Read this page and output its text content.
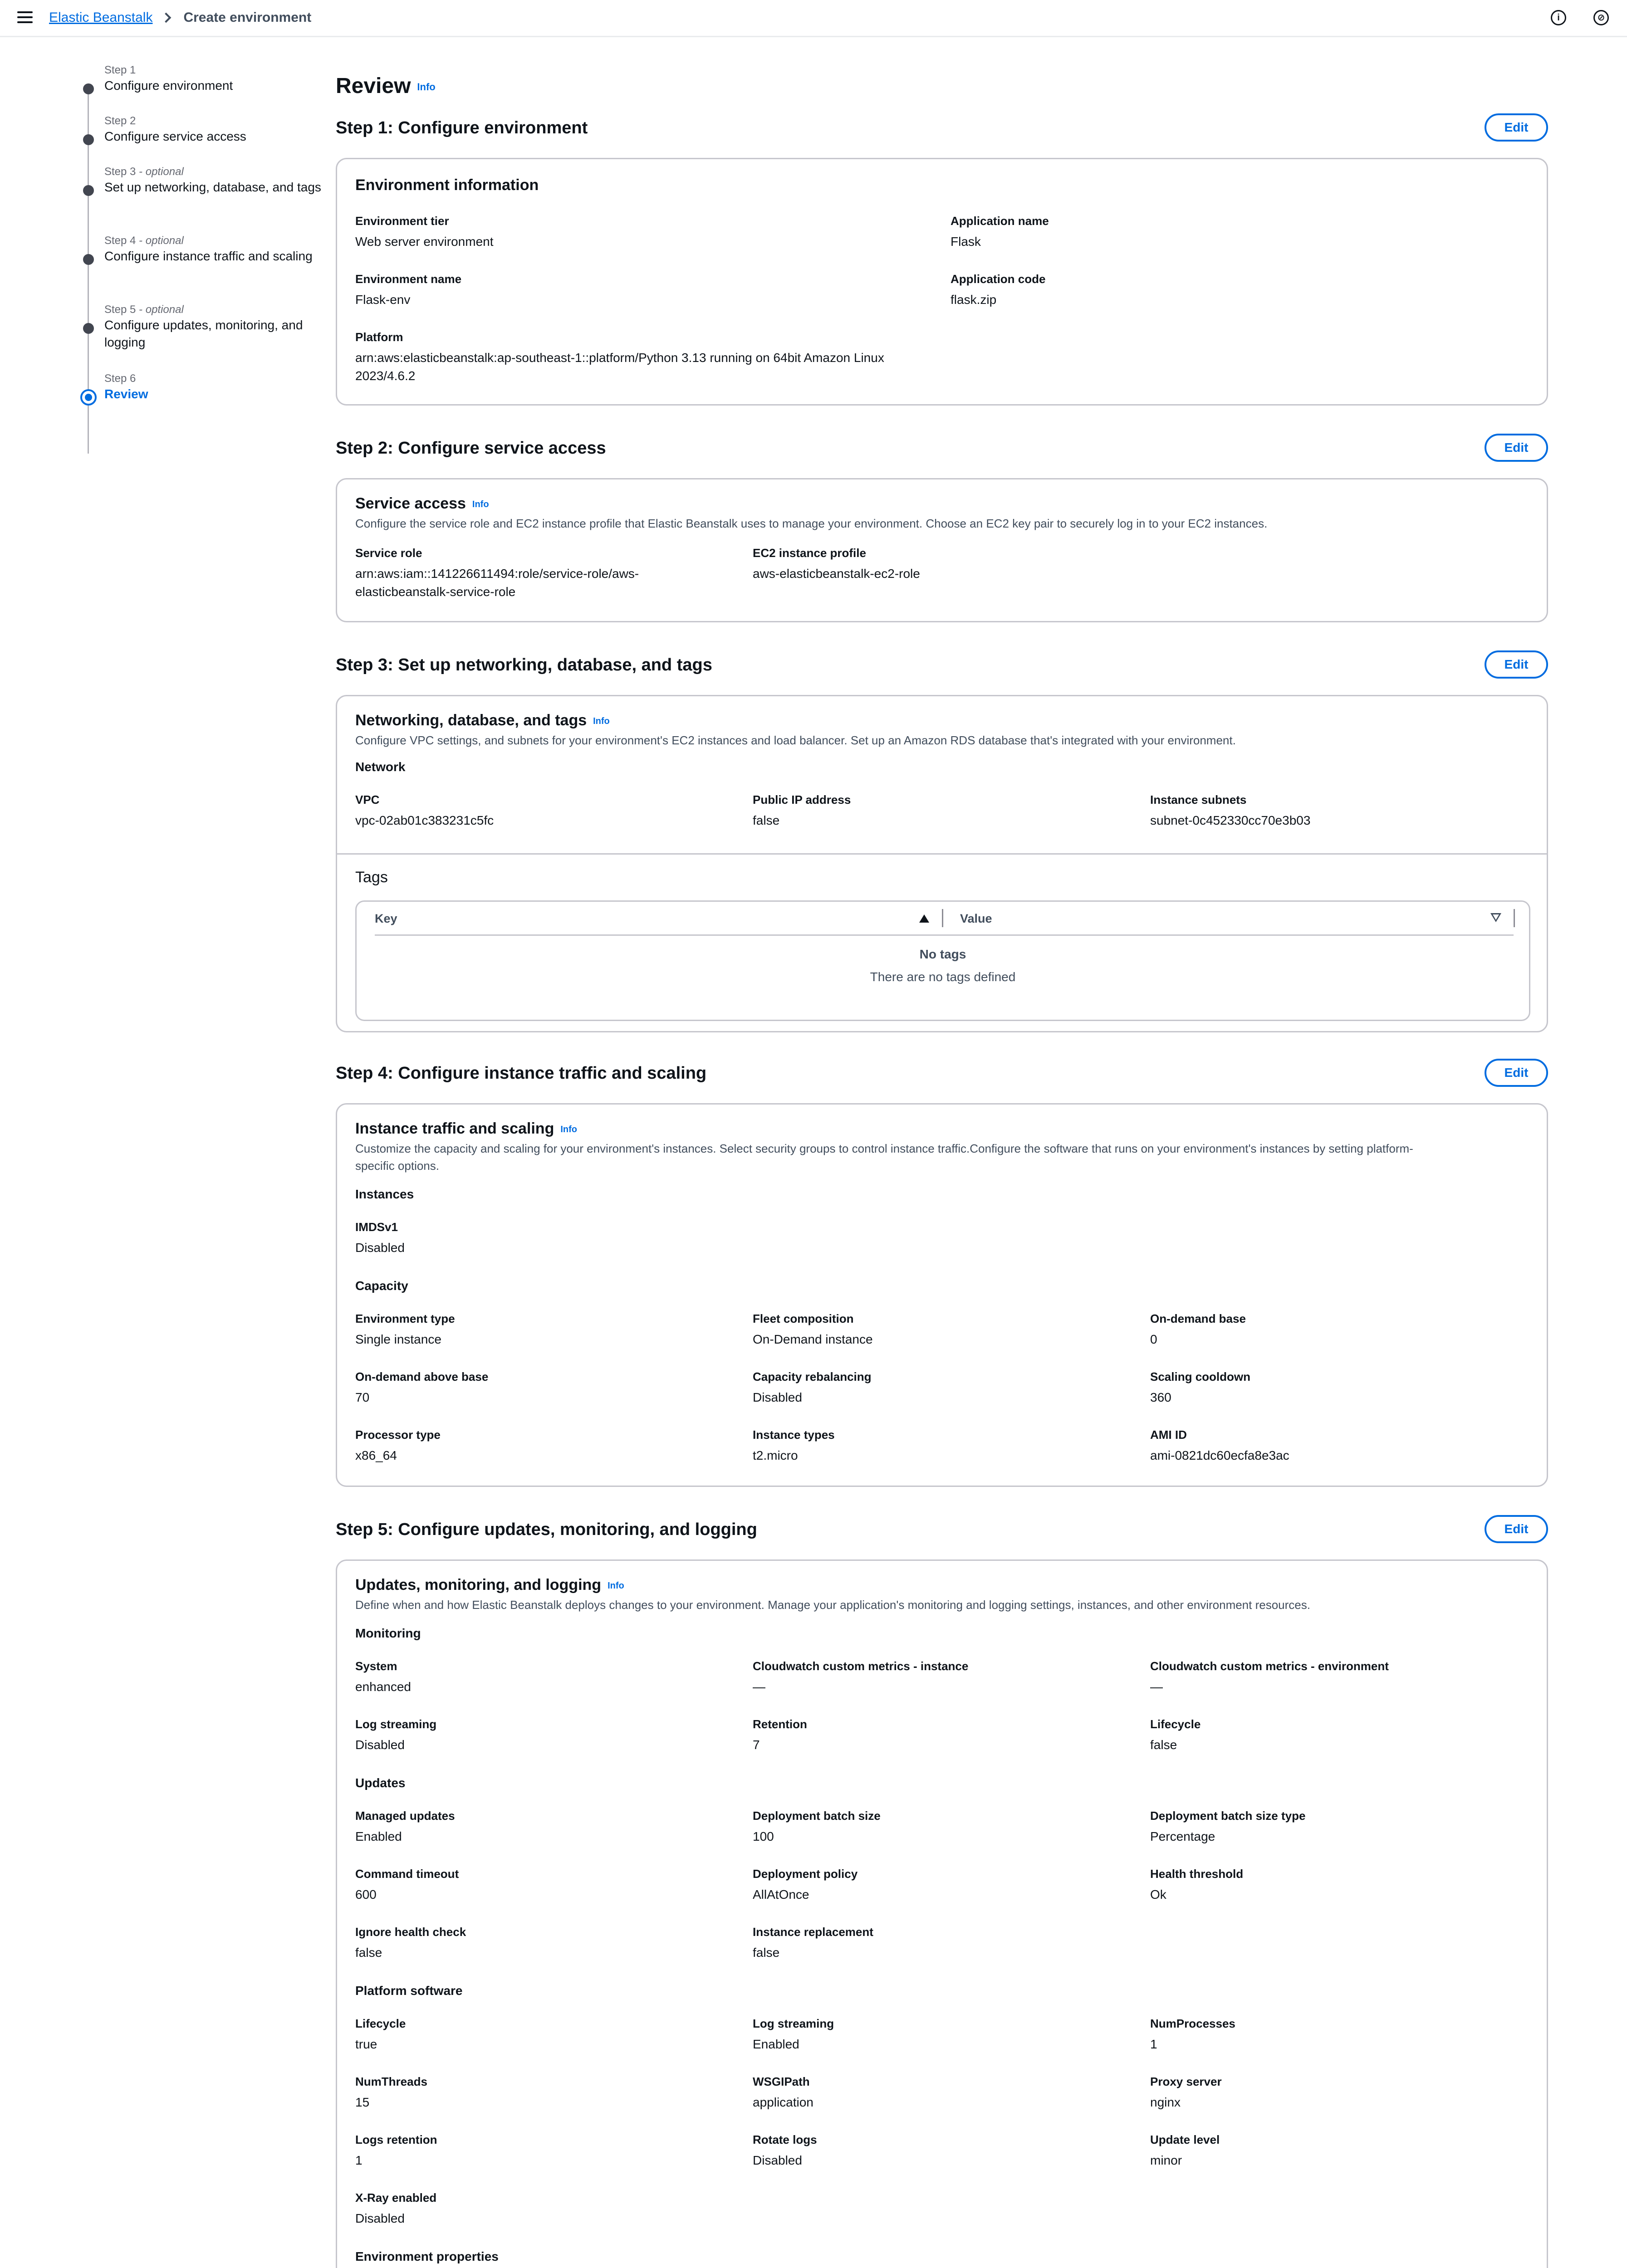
Elastic Beanstalk Create environment	i	⊘
Step 1
Configure environment
Step 2
Configure service access
Step 3 - optional
Set up networking, database, and tags
Step 4 - optional
Configure instance traffic and scaling
Step 5 - optional
Configure updates, monitoring, and logging
Step 6
Review
Review Info
Step 1: Configure environment	Edit
Environment information
Environment tier
Web server environment
Application name
Flask
Environment name
Flask-env
Application code
flask.zip
Platform
arn:aws:elasticbeanstalk:ap-southeast-1::platform/Python 3.13 running on 64bit Amazon Linux
2023/4.6.2
Step 2: Configure service access	Edit
Service access Info
Configure the service role and EC2 instance profile that Elastic Beanstalk uses to manage your environment. Choose an EC2 key pair to securely log in to your EC2 instances.
Service role
arn:aws:iam::141226611494:role/service-role/aws-
elasticbeanstalk-service-role
EC2 instance profile
aws-elasticbeanstalk-ec2-role
Step 3: Set up networking, database, and tags	Edit
Networking, database, and tags Info
Configure VPC settings, and subnets for your environment's EC2 instances and load balancer. Set up an Amazon RDS database that's integrated with your environment.
Network
VPC
vpc-02ab01c383231c5fc
Public IP address
false
Instance subnets
subnet-0c452330cc70e3b03
Tags
Key	Value
No tags
There are no tags defined
Step 4: Configure instance traffic and scaling	Edit
Instance traffic and scaling Info
Customize the capacity and scaling for your environment's instances. Select security groups to control instance traffic.Configure the software that runs on your environment's instances by setting platform-
specific options.
Instances
IMDSv1
Disabled
Capacity
Environment type
Single instance
Fleet composition
On-Demand instance
On-demand base
0
On-demand above base
70
Capacity rebalancing
Disabled
Scaling cooldown
360
Processor type
x86_64
Instance types
t2.micro
AMI ID
ami-0821dc60ecfa8e3ac
Step 5: Configure updates, monitoring, and logging	Edit
Updates, monitoring, and logging Info
Define when and how Elastic Beanstalk deploys changes to your environment. Manage your application's monitoring and logging settings, instances, and other environment resources.
Monitoring
System
enhanced
Cloudwatch custom metrics - instance
—
Cloudwatch custom metrics - environment
—
Log streaming
Disabled
Retention
7
Lifecycle
false
Updates
Managed updates
Enabled
Deployment batch size
100
Deployment batch size type
Percentage
Command timeout
600
Deployment policy
AllAtOnce
Health threshold
Ok
Ignore health check
false
Instance replacement
false
Platform software
Lifecycle
true
Log streaming
Enabled
NumProcesses
1
NumThreads
15
WSGIPath
application
Proxy server
nginx
Logs retention
1
Rotate logs
Disabled
Update level
minor
X-Ray enabled
Disabled
Environment properties
